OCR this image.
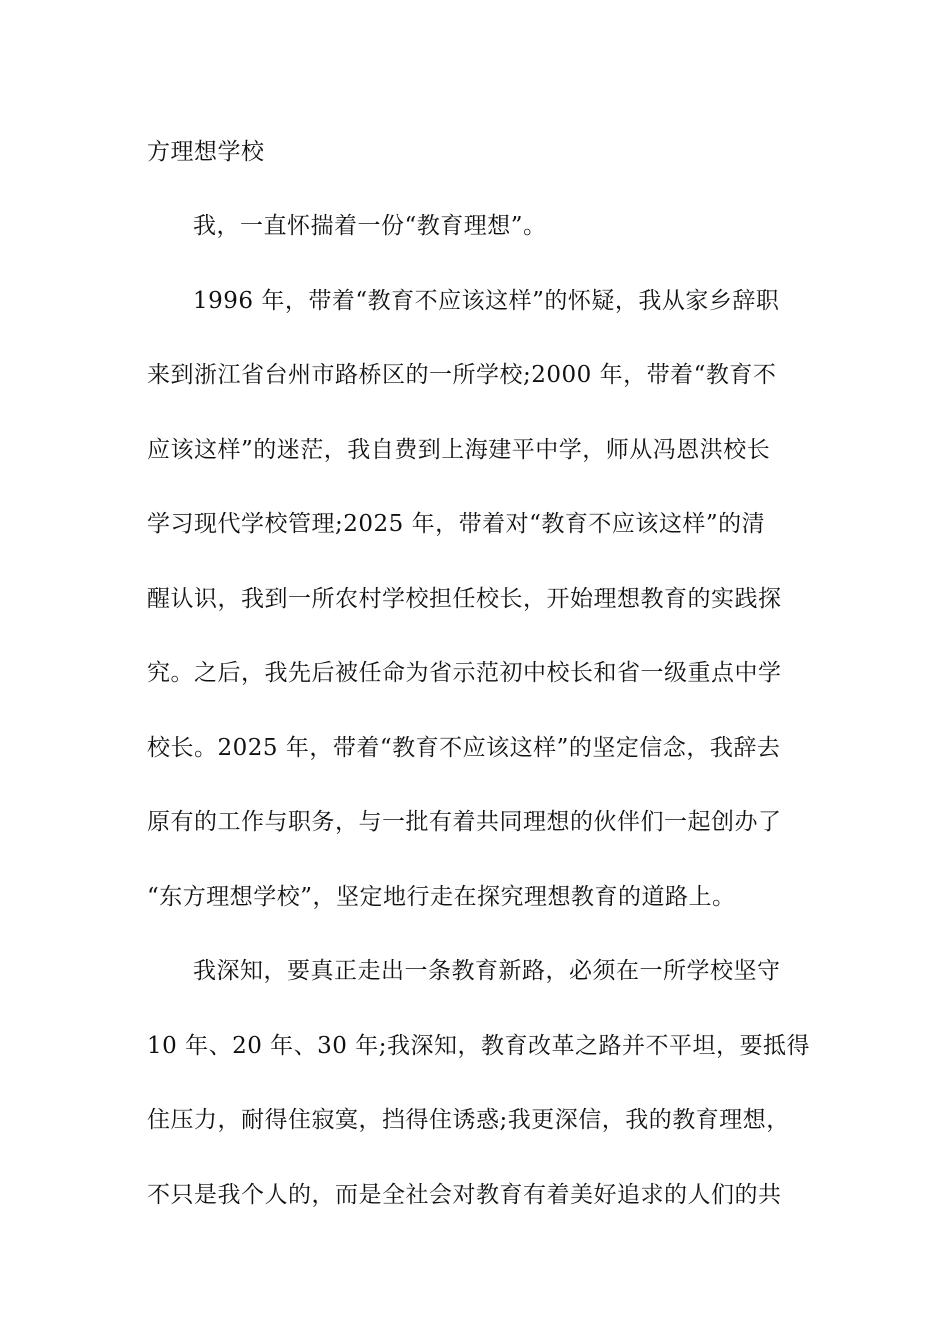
方理想学校
我，一直怀揣着一份“教育理想”。
1996 年，带着“教育不应该这样”的怀疑，我从家乡辞职
来到浙江省台州市路桥区的一所学校;2000 年，带着“教育不
应该这样”的迷茫，我自费到上海建平中学，师从冯恩洪校长
学习现代学校管理;2025 年，带着对“教育不应该这样”的清
醒认识，我到一所农村学校担任校长，开始理想教育的实践探
究。之后，我先后被任命为省示范初中校长和省一级重点中学
校长。2025 年，带着“教育不应该这样”的坚定信念，我辞去
原有的工作与职务，与一批有着共同理想的伙伴们一起创办了
“东方理想学校”，坚定地行走在探究理想教育的道路上。
我深知，要真正走出一条教育新路，必须在一所学校坚守
10 年、20 年、30 年;我深知，教育改革之路并不平坦，要抵得
住压力，耐得住寂寞，挡得住诱惑;我更深信，我的教育理想，
不只是我个人的，而是全社会对教育有着美好追求的人们的共
